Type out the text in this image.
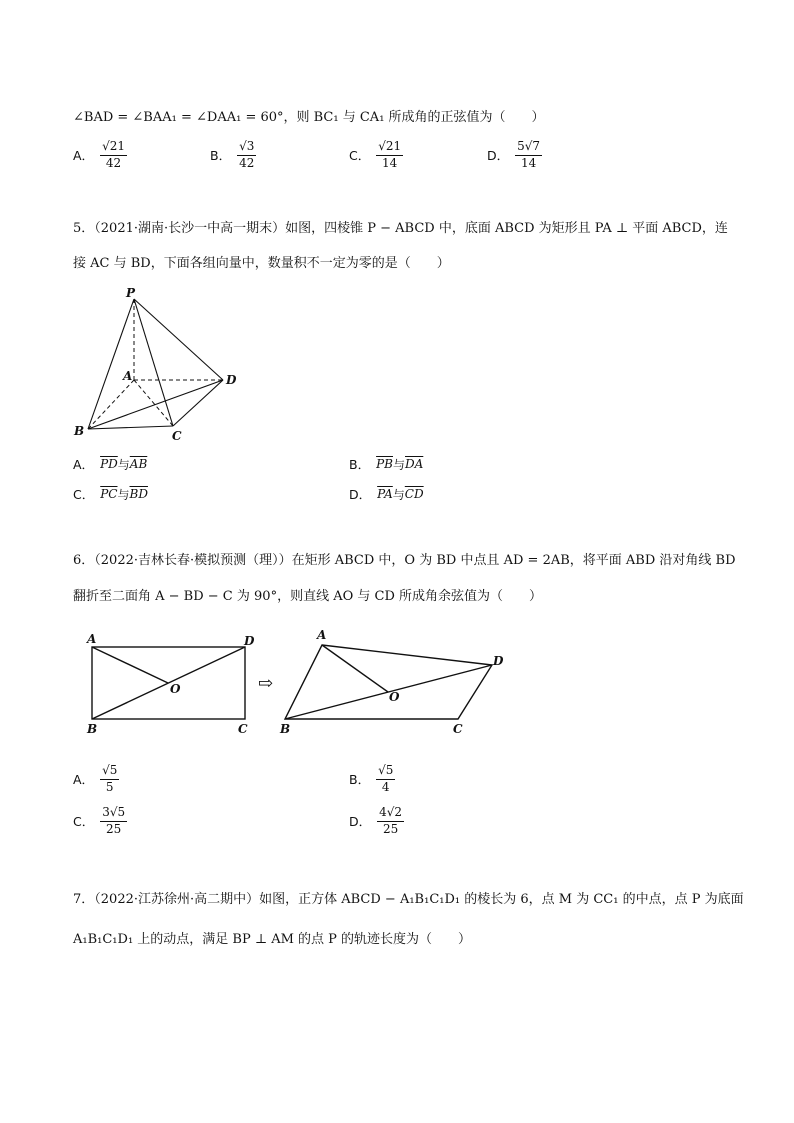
∠BAD = ∠BAA₁ = ∠DAA₁ = 60°，则 BC₁ 与 CA₁ 所成角的正弦值为（　　）
A． $\frac{√21}{42}$	B． $\frac{√3}{42}$	C． $\frac{√21}{14}$	D． $\frac{5√7}{14}$
5．（2021·湖南·长沙一中高一期末）如图，四棱锥 P − ABCD 中，底面 ABCD 为矩形且 PA ⊥ 平面 ABCD，连
接 AC 与 BD，下面各组向量中，数量积不一定为零的是（　　）
P
A
B	C
D
A． $\overline{PD}$ 与 $\overline{AB}$	B． $\overline{PB}$ 与 $\overline{DA}$
C． $\overline{PC}$ 与 $\overline{BD}$	D． $\overline{PA}$ 与 $\overline{CD}$
6．（2022·吉林长春·模拟预测（理））在矩形 ABCD 中，O 为 BD 中点且 AD = 2AB，将平面 ABD 沿对角线 BD
翻折至二面角 A − BD − C 为 90°，则直线 AO 与 CD 所成角余弦值为（　　）
A	D
O
B	C
⇨
A
D
O
B	C
A． $\frac{√5}{5}$	B． $\frac{√5}{4}$
C． $\frac{3√5}{25}$	D． $\frac{4√2}{25}$
7．（2022·江苏徐州·高二期中）如图，正方体 ABCD − A₁B₁C₁D₁ 的棱长为 6，点 M 为 CC₁ 的中点，点 P 为底面
A₁B₁C₁D₁ 上的动点，满足 BP ⊥ AM 的点 P 的轨迹长度为（　　）
